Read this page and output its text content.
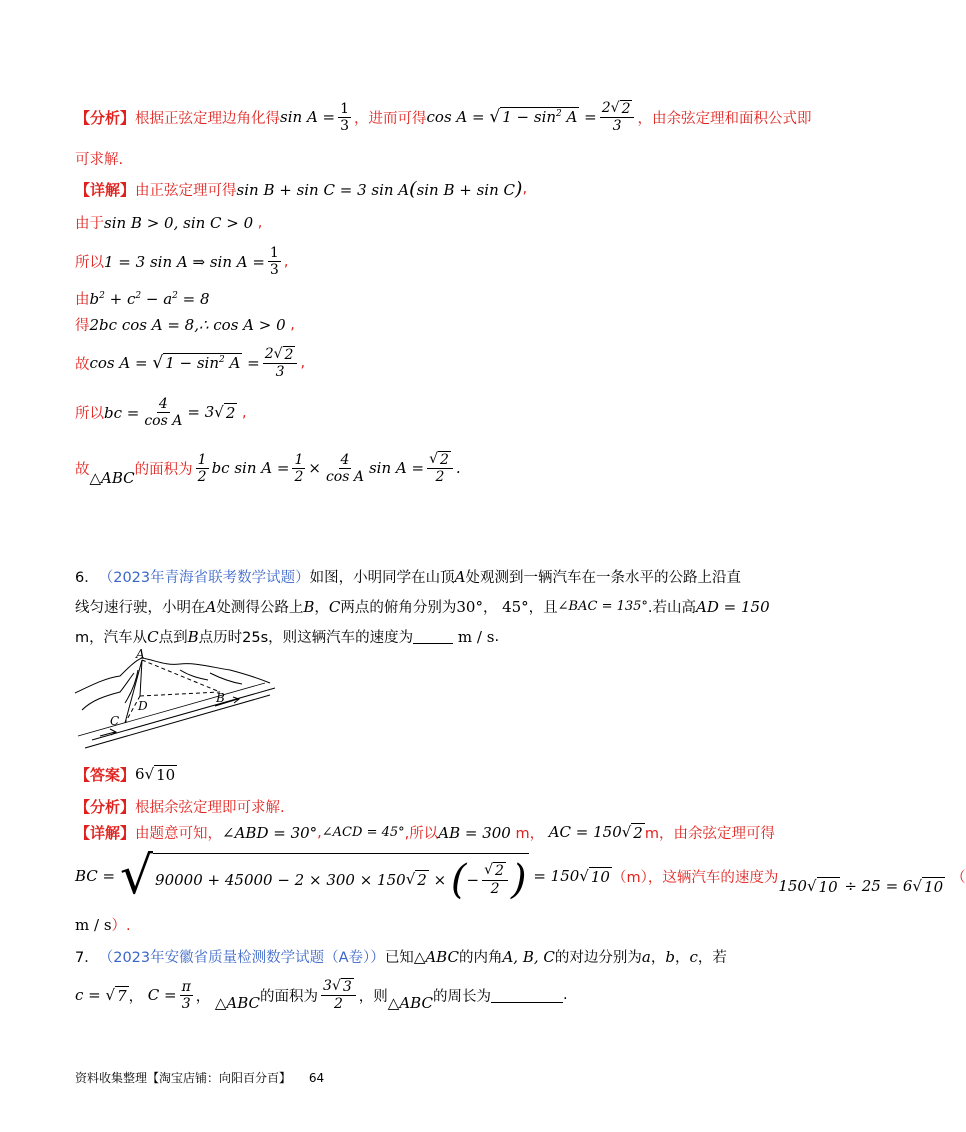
【分析】 根据正弦定理边角化得 $\sin A = \frac{1}{3}$ ，进而可得 cos A = √ $1 - \sin^2 A = \frac{2 √ 2}{3}$ ，由余弦定理和面积公式即
可求解.
【详解】 由正弦定理可得 sin B + sin C = 3 sin A(sin B + sin C) ,
由于 sin B > 0, sin C > 0 ,
所以 1 = 3 sin A ⇒ $\sin A = \frac{1}{3}$ ,
由 $b^2 + c^2 - a^2 = 8$
得 2bc cos A = 8,∴ cos A > 0 ,
故 cos A = √ $1 - \sin^2 A = \frac{2 √ 2}{3}$ ,
所以 bc = $\frac{4}{\text{cos A}} = 3$ √ 2 ,
故 △ABC 的面积为 $\frac{1}{2}$ bc $\sin A = \frac{1}{2} \times \frac{4}{\text{cos A}}$ $\sin A = \frac{√ 2}{2}$ .
6． （2023年青海省联考数学试题） 如图，小明同学在山顶 A 处观测到一辆汽车在一条水平的公路上沿直
线匀速行驶，小明在 A 处测得公路上 B ， C 两点的俯角分别为 30° ， 45° ，且 ∠BAC = 135° .若山高 AD = 150
m，汽车从 C 点到 B 点历时25s，则这辆汽车的速度为	m / s .
A
B
C
D
【答案】 6 √ 10
【分析】 根据余弦定理即可求解.
【详解】 由题意可知， ∠ABD = 30° , ∠ACD = 45° ,所以 AB = 300 m， AC = 150 √ 2 m，由余弦定理可得
BC = √ 90000 + 45000 − 2 × 300 × 150 √ 2 × ( − $\frac{√ 2}{2}$ ) = 150 √ 10 （m），这辆汽车的速度为 150 √ 10 ÷ 25 = 6 √ 10 （
m / s ）.
7． （2023年安徽省质量检测数学试题（A卷）） 已知 △ABC 的内角 A, B, C 的对边分别为 a ， b ， c ，若
c = √ 7 ， $C = \frac{\pi}{3}$ ， △ABC 的面积为 $\frac{3 √ 3}{2}$ ，则 △ABC 的周长为	.
资料收集整理【淘宝店铺：向阳百分百】 64
